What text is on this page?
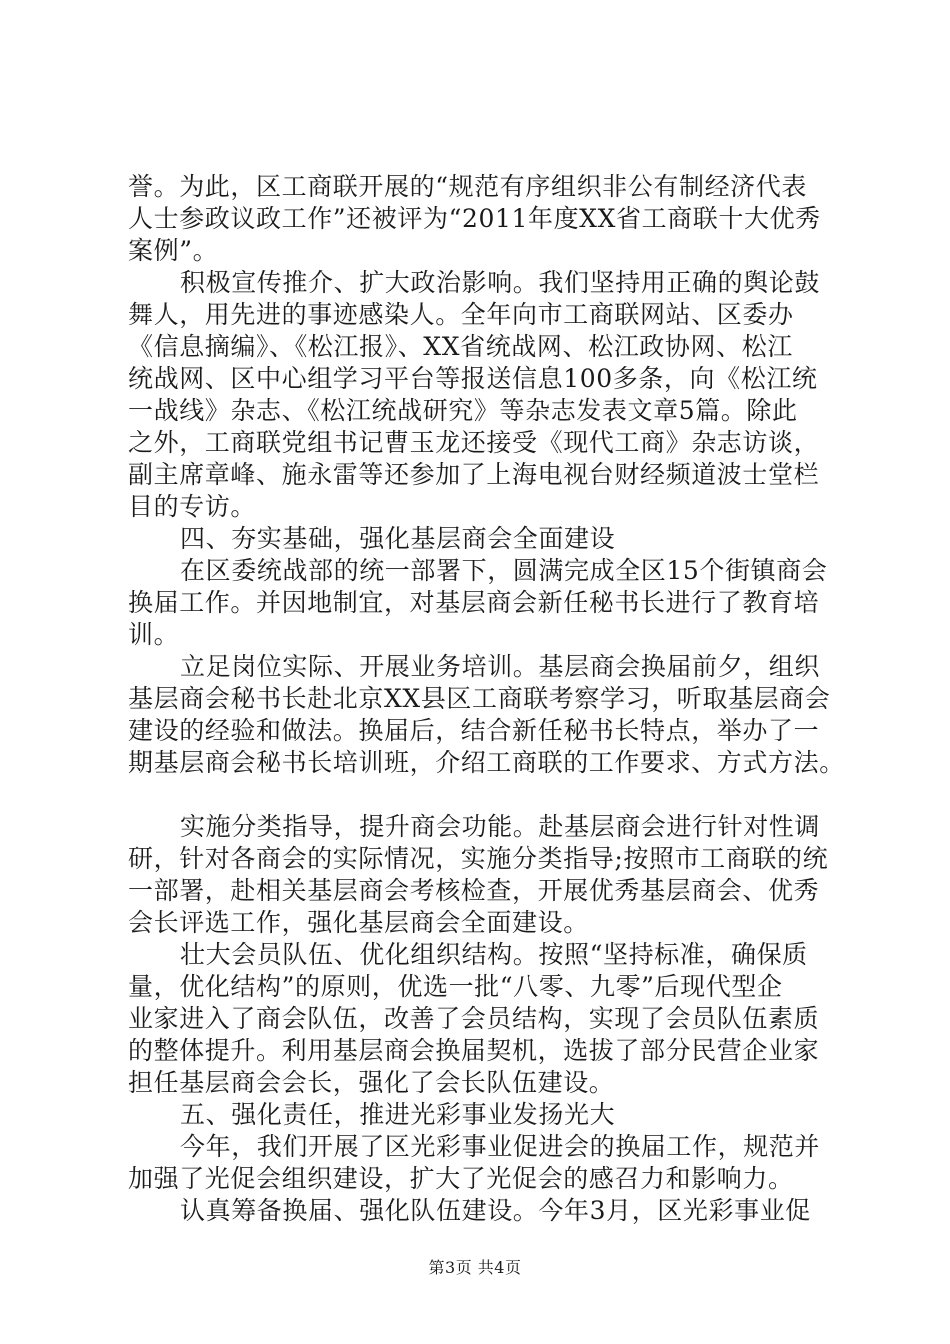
誉。为此，区工商联开展的“规范有序组织非公有制经济代表
人士参政议政工作”还被评为“2011年度XX省工商联十大优秀
案例”。
积极宣传推介、扩大政治影响。我们坚持用正确的舆论鼓
舞人，用先进的事迹感染人。全年向市工商联网站、区委办
《信息摘编》、《松江报》、XX省统战网、松江政协网、松江
统战网、区中心组学习平台等报送信息100多条，向《松江统
一战线》杂志、《松江统战研究》等杂志发表文章5篇。除此
之外，工商联党组书记曹玉龙还接受《现代工商》杂志访谈，
副主席章峰、施永雷等还参加了上海电视台财经频道波士堂栏
目的专访。
四、夯实基础，强化基层商会全面建设
在区委统战部的统一部署下，圆满完成全区15个街镇商会
换届工作。并因地制宜，对基层商会新任秘书长进行了教育培
训。
立足岗位实际、开展业务培训。基层商会换届前夕，组织
基层商会秘书长赴北京XX县区工商联考察学习，听取基层商会
建设的经验和做法。换届后，结合新任秘书长特点，举办了一
期基层商会秘书长培训班，介绍工商联的工作要求、方式方法。
实施分类指导，提升商会功能。赴基层商会进行针对性调
研，针对各商会的实际情况，实施分类指导;按照市工商联的统
一部署，赴相关基层商会考核检查，开展优秀基层商会、优秀
会长评选工作，强化基层商会全面建设。
壮大会员队伍、优化组织结构。按照“坚持标准，确保质
量，优化结构”的原则，优选一批“八零、九零”后现代型企
业家进入了商会队伍，改善了会员结构，实现了会员队伍素质
的整体提升。利用基层商会换届契机，选拔了部分民营企业家
担任基层商会会长，强化了会长队伍建设。
五、强化责任，推进光彩事业发扬光大
今年，我们开展了区光彩事业促进会的换届工作，规范并
加强了光促会组织建设，扩大了光促会的感召力和影响力。
认真筹备换届、强化队伍建设。今年3月，区光彩事业促
第3页 共4页
